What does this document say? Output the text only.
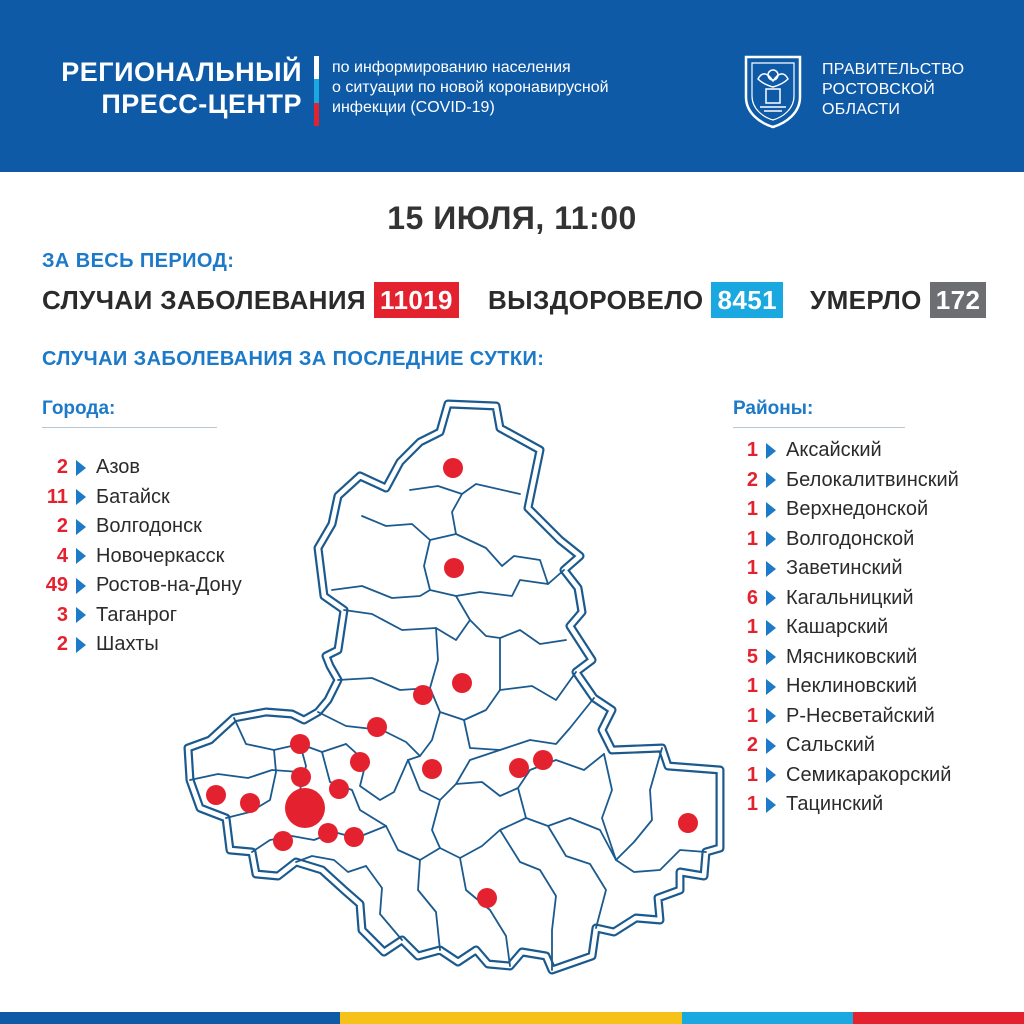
РЕГИОНАЛЬНЫЙ
ПРЕСС-ЦЕНТР
по информированию населения
о ситуации по новой коронавирусной
инфекции (COVID-19)
ПРАВИТЕЛЬСТВО
РОСТОВСКОЙ
ОБЛАСТИ
15 ИЮЛЯ, 11:00
ЗА ВЕСЬ ПЕРИОД:
СЛУЧАИ ЗАБОЛЕВАНИЯ 11019 ВЫЗДОРОВЕЛО 8451 УМЕРЛО 172
СЛУЧАИ ЗАБОЛЕВАНИЯ ЗА ПОСЛЕДНИЕ СУТКИ:
Города:
2 Азов
11 Батайск
2 Волгодонск
4 Новочеркасск
49 Ростов-на-Дону
3 Таганрог
2 Шахты
Районы:
1 Аксайский
2 Белокалитвинский
1 Верхнедонской
1 Волгодонской
1 Заветинский
6 Кагальницкий
1 Кашарский
5 Мясниковский
1 Неклиновский
1 Р-Несветайский
2 Сальский
1 Семикаракорский
1 Тацинский
